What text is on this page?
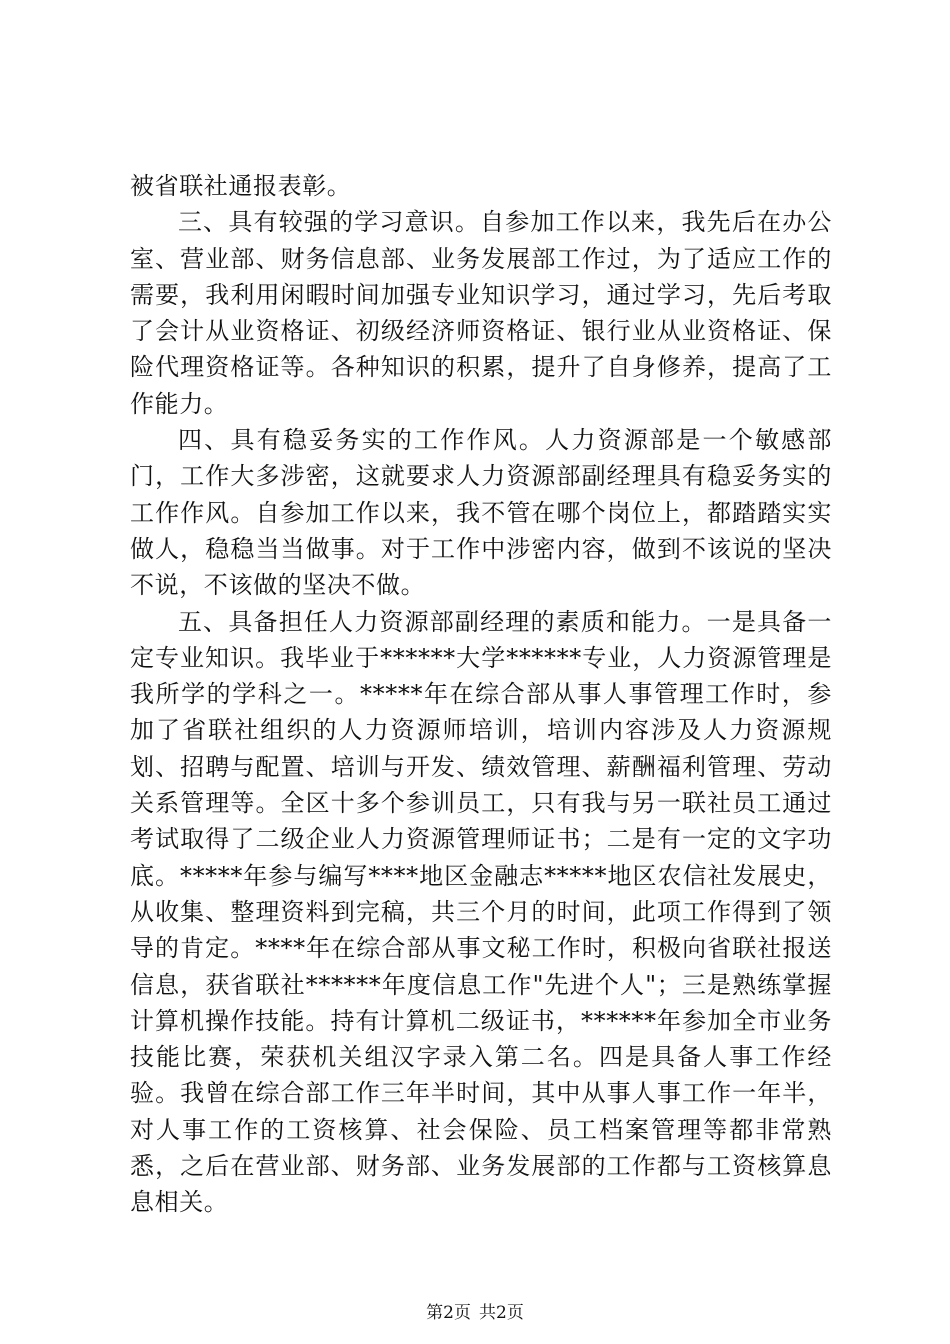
被省联社通报表彰。

三、具有较强的学习意识。自参加工作以来，我先后在办公室、营业部、财务信息部、业务发展部工作过，为了适应工作的需要，我利用闲暇时间加强专业知识学习，通过学习，先后考取了会计从业资格证、初级经济师资格证、银行业从业资格证、保险代理资格证等。各种知识的积累，提升了自身修养，提高了工作能力。

四、具有稳妥务实的工作作风。人力资源部是一个敏感部门，工作大多涉密，这就要求人力资源部副经理具有稳妥务实的工作作风。自参加工作以来，我不管在哪个岗位上，都踏踏实实做人，稳稳当当做事。对于工作中涉密内容，做到不该说的坚决不说，不该做的坚决不做。

五、具备担任人力资源部副经理的素质和能力。一是具备一定专业知识。我毕业于******大学******专业，人力资源管理是我所学的学科之一。*****年在综合部从事人事管理工作时，参加了省联社组织的人力资源师培训，培训内容涉及人力资源规划、招聘与配置、培训与开发、绩效管理、薪酬福利管理、劳动关系管理等。全区十多个参训员工，只有我与另一联社员工通过考试取得了二级企业人力资源管理师证书；二是有一定的文字功底。*****年参与编写****地区金融志*****地区农信社发展史，从收集、整理资料到完稿，共三个月的时间，此项工作得到了领导的肯定。****年在综合部从事文秘工作时，积极向省联社报送信息，获省联社******年度信息工作"先进个人"；三是熟练掌握计算机操作技能。持有计算机二级证书，******年参加全市业务技能比赛，荣获机关组汉字录入第二名。四是具备人事工作经验。我曾在综合部工作三年半时间，其中从事人事工作一年半，对人事工作的工资核算、社会保险、员工档案管理等都非常熟悉，之后在营业部、财务部、业务发展部的工作都与工资核算息息相关。

第2页 共2页
